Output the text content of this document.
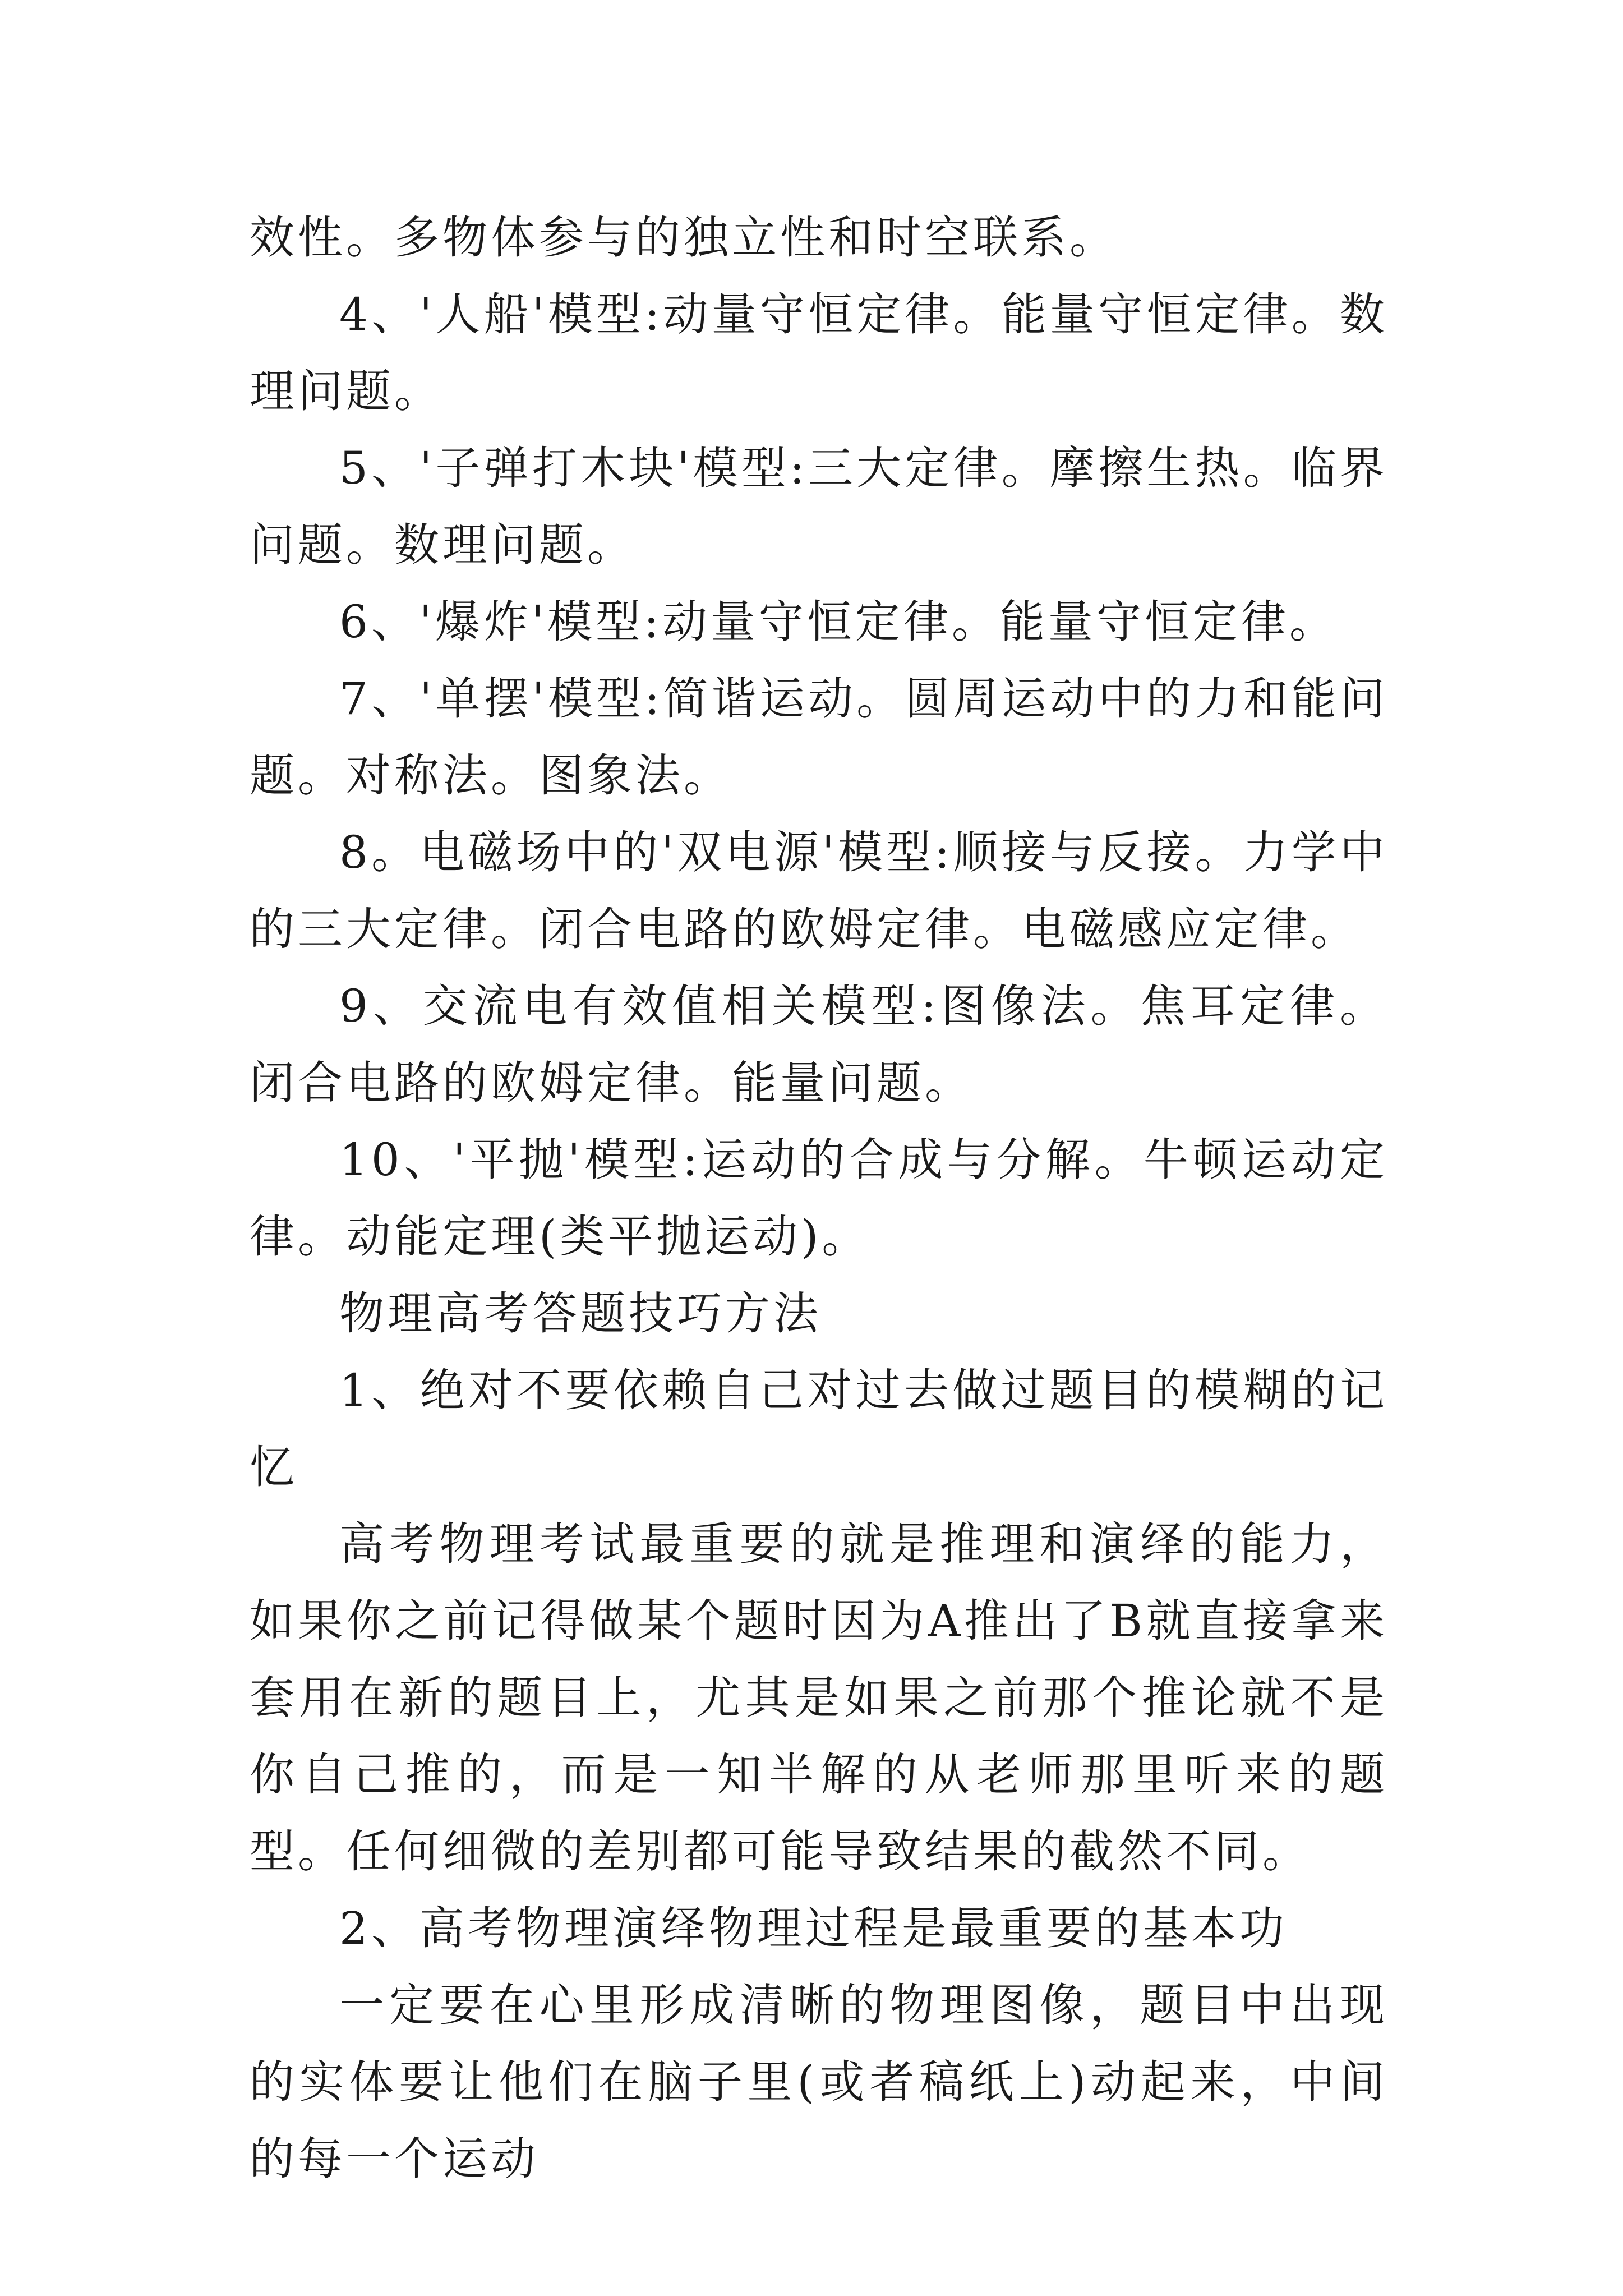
效性。多物体参与的独立性和时空联系。

4、'人船'模型:动量守恒定律。能量守恒定律。数理问题。

5、'子弹打木块'模型:三大定律。摩擦生热。临界问题。数理问题。

6、'爆炸'模型:动量守恒定律。能量守恒定律。

7、'单摆'模型:简谐运动。圆周运动中的力和能问题。对称法。图象法。

8。电磁场中的'双电源'模型:顺接与反接。力学中的三大定律。闭合电路的欧姆定律。电磁感应定律。

9、交流电有效值相关模型:图像法。焦耳定律。闭合电路的欧姆定律。能量问题。

10、'平抛'模型:运动的合成与分解。牛顿运动定律。动能定理(类平抛运动)。

物理高考答题技巧方法

1、绝对不要依赖自己对过去做过题目的模糊的记忆

高考物理考试最重要的就是推理和演绎的能力，如果你之前记得做某个题时因为A推出了B就直接拿来套用在新的题目上，尤其是如果之前那个推论就不是你自己推的，而是一知半解的从老师那里听来的题型。任何细微的差别都可能导致结果的截然不同。

2、高考物理演绎物理过程是最重要的基本功

一定要在心里形成清晰的物理图像，题目中出现的实体要让他们在脑子里(或者稿纸上)动起来，中间的每一个运动
